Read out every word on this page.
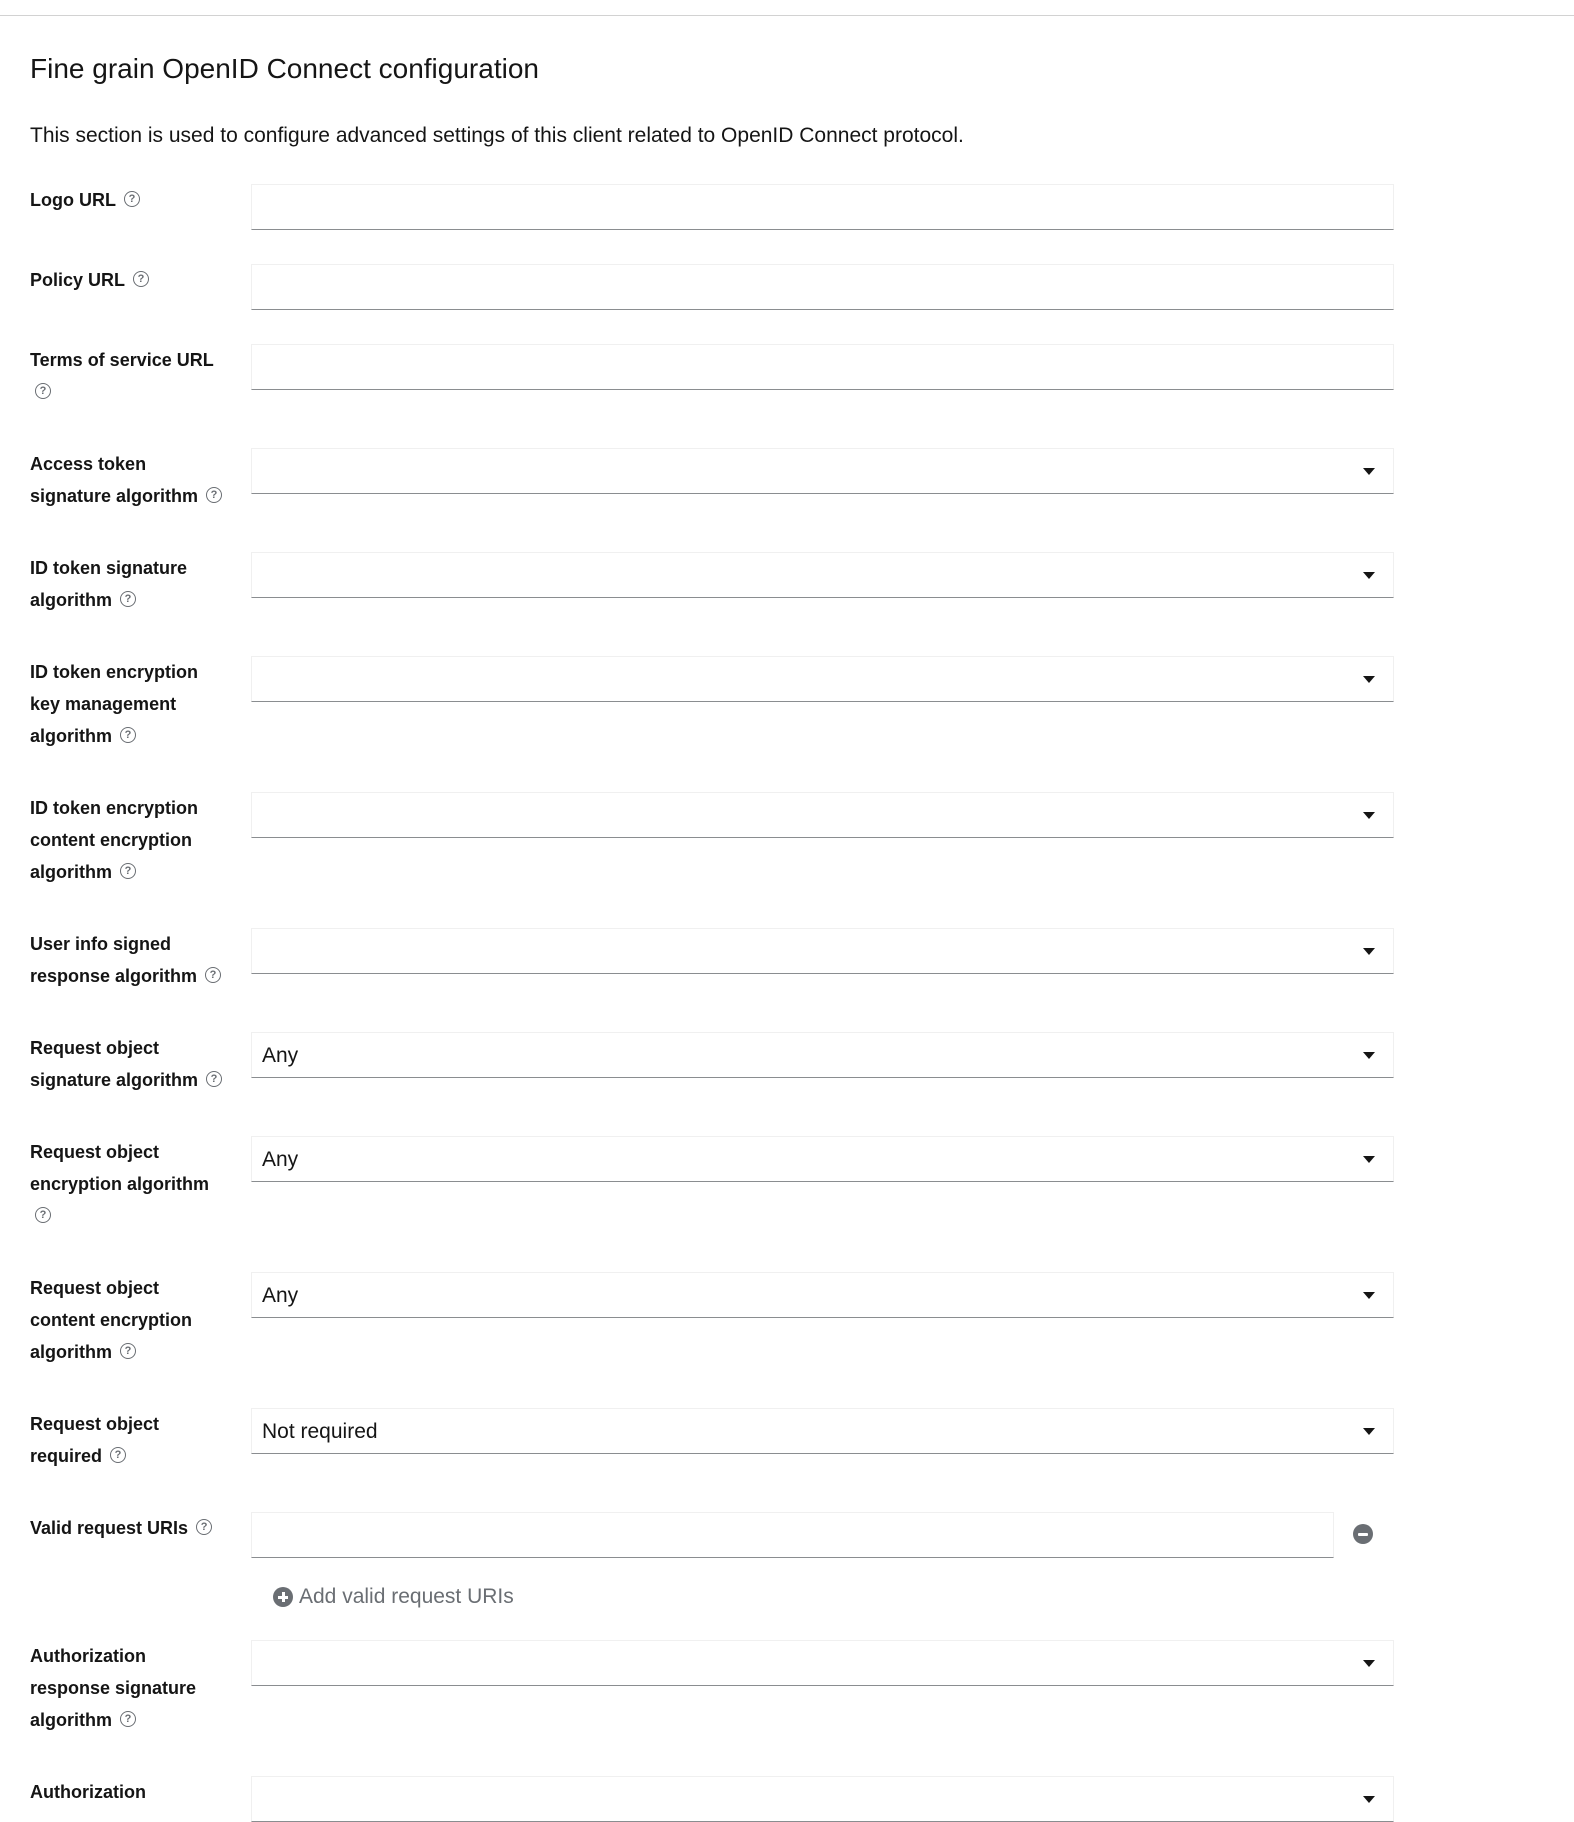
Fine grain OpenID Connect configuration

This section is used to configure advanced settings of this client related to OpenID Connect protocol.

Logo URL ?
Policy URL ?
Terms of service URL
?
Access token
signature algorithm ?
ID token signature
algorithm ?
ID token encryption
key management
algorithm ?
ID token encryption
content encryption
algorithm ?
User info signed
response algorithm ?
Request object
signature algorithm ?
Any
Request object
encryption algorithm
?
Any
Request object
content encryption
algorithm ?
Any
Request object
required ?
Not required
Valid request URIs ?
Add valid request URIs
Authorization
response signature
algorithm ?
Authorization
